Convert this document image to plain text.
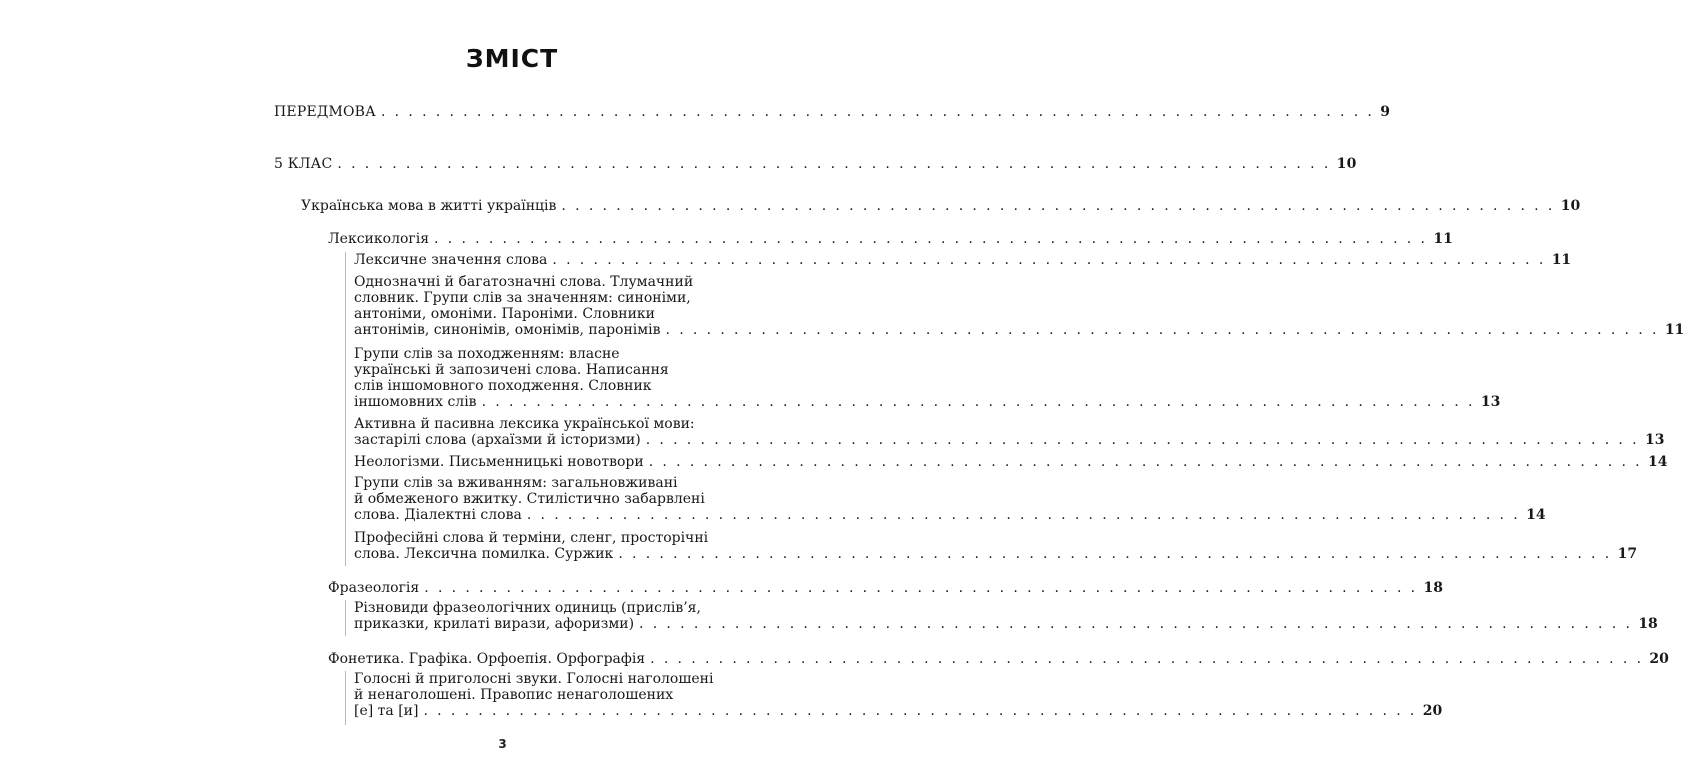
ЗМІСТ
ПЕРЕДМОВА . . . . . . . . . . . . . . . . . . . . . . . . . . . . . . . . . . . . . . . . . . . . . . . . . . . . . . . . . . . . . . . . . . . . . . . . . 9
5 КЛАС . . . . . . . . . . . . . . . . . . . . . . . . . . . . . . . . . . . . . . . . . . . . . . . . . . . . . . . . . . . . . . . . . . . . . . . . . 10
Українська мова в житті українців . . . . . . . . . . . . . . . . . . . . . . . . . . . . . . . . . . . . . . . . . . . . . . . . . . . . . . . . . . . . . . . . . . . . . . . . . 10
Лексикологія . . . . . . . . . . . . . . . . . . . . . . . . . . . . . . . . . . . . . . . . . . . . . . . . . . . . . . . . . . . . . . . . . . . . . . . . . 11
Лексичне значення слова . . . . . . . . . . . . . . . . . . . . . . . . . . . . . . . . . . . . . . . . . . . . . . . . . . . . . . . . . . . . . . . . . . . . . . . . . 11
Однозначні й багатозначні слова. Тлумачний
словник. Групи слів за значенням: синоніми,
антоніми, омоніми. Пароніми. Словники
антонімів, синонімів, омонімів, паронімів . . . . . . . . . . . . . . . . . . . . . . . . . . . . . . . . . . . . . . . . . . . . . . . . . . . . . . . . . . . . . . . . . . . . . . . . . 11
Групи слів за походженням: власне
українські й запозичені слова. Написання
слів іншомовного походження. Словник
іншомовних слів . . . . . . . . . . . . . . . . . . . . . . . . . . . . . . . . . . . . . . . . . . . . . . . . . . . . . . . . . . . . . . . . . . . . . . . . . 13
Активна й пасивна лексика української мови:
застарілі слова (архаїзми й історизми) . . . . . . . . . . . . . . . . . . . . . . . . . . . . . . . . . . . . . . . . . . . . . . . . . . . . . . . . . . . . . . . . . . . . . . . . . 13
Неологізми. Письменницькі новотвори . . . . . . . . . . . . . . . . . . . . . . . . . . . . . . . . . . . . . . . . . . . . . . . . . . . . . . . . . . . . . . . . . . . . . . . . . 14
Групи слів за вживанням: загальновживані
й обмеженого вжитку. Стилістично забарвлені
слова. Діалектні слова . . . . . . . . . . . . . . . . . . . . . . . . . . . . . . . . . . . . . . . . . . . . . . . . . . . . . . . . . . . . . . . . . . . . . . . . . 14
Професійні слова й терміни, сленг, просторічні
слова. Лексична помилка. Суржик . . . . . . . . . . . . . . . . . . . . . . . . . . . . . . . . . . . . . . . . . . . . . . . . . . . . . . . . . . . . . . . . . . . . . . . . . 17
Фразеологія . . . . . . . . . . . . . . . . . . . . . . . . . . . . . . . . . . . . . . . . . . . . . . . . . . . . . . . . . . . . . . . . . . . . . . . . . 18
Різновиди фразеологічних одиниць (прислів’я,
приказки, крилаті вирази, афоризми) . . . . . . . . . . . . . . . . . . . . . . . . . . . . . . . . . . . . . . . . . . . . . . . . . . . . . . . . . . . . . . . . . . . . . . . . . 18
Фонетика. Графіка. Орфоепія. Орфографія . . . . . . . . . . . . . . . . . . . . . . . . . . . . . . . . . . . . . . . . . . . . . . . . . . . . . . . . . . . . . . . . . . . . . . . . . 20
Голосні й приголосні звуки. Голосні наголошені
й ненаголошені. Правопис ненаголошених
[е] та [и] . . . . . . . . . . . . . . . . . . . . . . . . . . . . . . . . . . . . . . . . . . . . . . . . . . . . . . . . . . . . . . . . . . . . . . . . . 20
3
